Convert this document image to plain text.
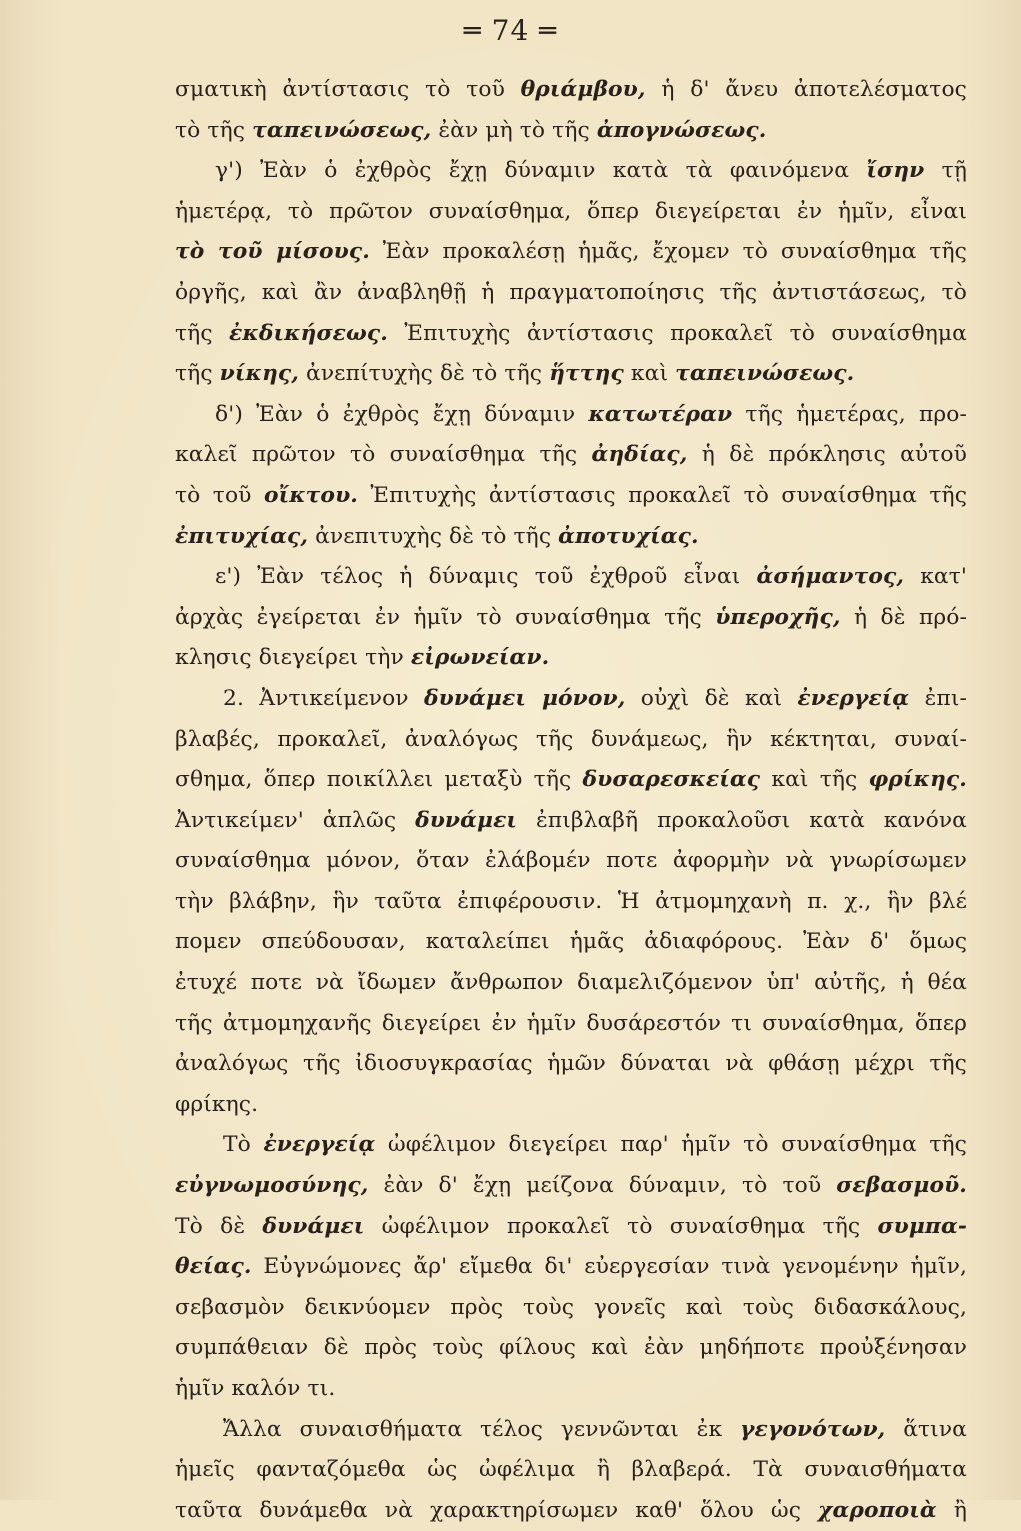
═ 74 ═
σματικὴ ἀντίστασις τὸ τοῦ θριάμβου, ἡ δ' ἄνευ ἀποτελέσματος
τὸ τῆς ταπεινώσεως, ἐὰν μὴ τὸ τῆς ἀπογνώσεως.
γ') Ἐὰν ὁ ἐχθρὸς ἔχῃ δύναμιν κατὰ τὰ φαινόμενα ἴσην τῇ
ἡμετέρᾳ, τὸ πρῶτον συναίσθημα, ὅπερ διεγείρεται ἐν ἡμῖν, εἶναι
τὸ τοῦ μίσους. Ἐὰν προκαλέσῃ ἡμᾶς, ἔχομεν τὸ συναίσθημα τῆς
ὀργῆς, καὶ ἂν ἀναβληθῇ ἡ πραγματοποίησις τῆς ἀντιστάσεως, τὸ
τῆς ἐκδικήσεως. Ἐπιτυχὴς ἀντίστασις προκαλεῖ τὸ συναίσθημα
τῆς νίκης, ἀνεπίτυχὴς δὲ τὸ τῆς ἥττης καὶ ταπεινώσεως.
δ') Ἐὰν ὁ ἐχθρὸς ἔχῃ δύναμιν κατωτέραν τῆς ἡμετέρας, προ-
καλεῖ πρῶτον τὸ συναίσθημα τῆς ἀηδίας, ἡ δὲ πρόκλησις αὐτοῦ
τὸ τοῦ οἴκτου. Ἐπιτυχὴς ἀντίστασις προκαλεῖ τὸ συναίσθημα τῆς
ἐπιτυχίας, ἀνεπιτυχὴς δὲ τὸ τῆς ἀποτυχίας.
ε') Ἐὰν τέλος ἡ δύναμις τοῦ ἐχθροῦ εἶναι ἀσήμαντος, κατ'
ἀρχὰς ἐγείρεται ἐν ἡμῖν τὸ συναίσθημα τῆς ὑπεροχῆς, ἡ δὲ πρό-
κλησις διεγείρει τὴν εἰρωνείαν.
2. Ἀντικείμενον δυνάμει μόνον, οὐχὶ δὲ καὶ ἐνεργείᾳ ἐπι-
βλαβές, προκαλεῖ, ἀναλόγως τῆς δυνάμεως, ἣν κέκτηται, συναί-
σθημα, ὅπερ ποικίλλει μεταξὺ τῆς δυσαρεσκείας καὶ τῆς φρίκης.
Ἀντικείμεν' ἁπλῶς δυνάμει ἐπιβλαβῆ προκαλοῦσι κατὰ κανόνα
συναίσθημα μόνον, ὅταν ἐλάβομέν ποτε ἀφορμὴν νὰ γνωρίσωμεν
τὴν βλάβην, ἣν ταῦτα ἐπιφέρουσιν. Ἡ ἀτμομηχανὴ π. χ., ἣν βλέ
πομεν σπεύδουσαν, καταλείπει ἡμᾶς ἀδιαφόρους. Ἐὰν δ' ὅμως
ἐτυχέ ποτε νὰ ἴδωμεν ἄνθρωπον διαμελιζόμενον ὑπ' αὐτῆς, ἡ θέα
τῆς ἀτμομηχανῆς διεγείρει ἐν ἡμῖν δυσάρεστόν τι συναίσθημα, ὅπερ
ἀναλόγως τῆς ἰδιοσυγκρασίας ἡμῶν δύναται νὰ φθάσῃ μέχρι τῆς
φρίκης.
Τὸ ἐνεργείᾳ ὠφέλιμον διεγείρει παρ' ἡμῖν τὸ συναίσθημα τῆς
εὐγνωμοσύνης, ἐὰν δ' ἔχῃ μείζονα δύναμιν, τὸ τοῦ σεβασμοῦ.
Τὸ δὲ δυνάμει ὠφέλιμον προκαλεῖ τὸ συναίσθημα τῆς συμπα-
θείας. Εὐγνώμονες ἄρ' εἴμεθα δι' εὐεργεσίαν τινὰ γενομένην ἡμῖν,
σεβασμὸν δεικνύομεν πρὸς τοὺς γονεῖς καὶ τοὺς διδασκάλους,
συμπάθειαν δὲ πρὸς τοὺς φίλους καὶ ἐὰν μηδήποτε προὐξένησαν
ἡμῖν καλόν τι.
Ἄλλα συναισθήματα τέλος γεννῶνται ἐκ γεγονότων, ἅτινα
ἡμεῖς φανταζόμεθα ὡς ὠφέλιμα ἢ βλαβερά. Τὰ συναισθήματα
ταῦτα δυνάμεθα νὰ χαρακτηρίσωμεν καθ' ὅλου ὡς χαροποιὰ ἢ
